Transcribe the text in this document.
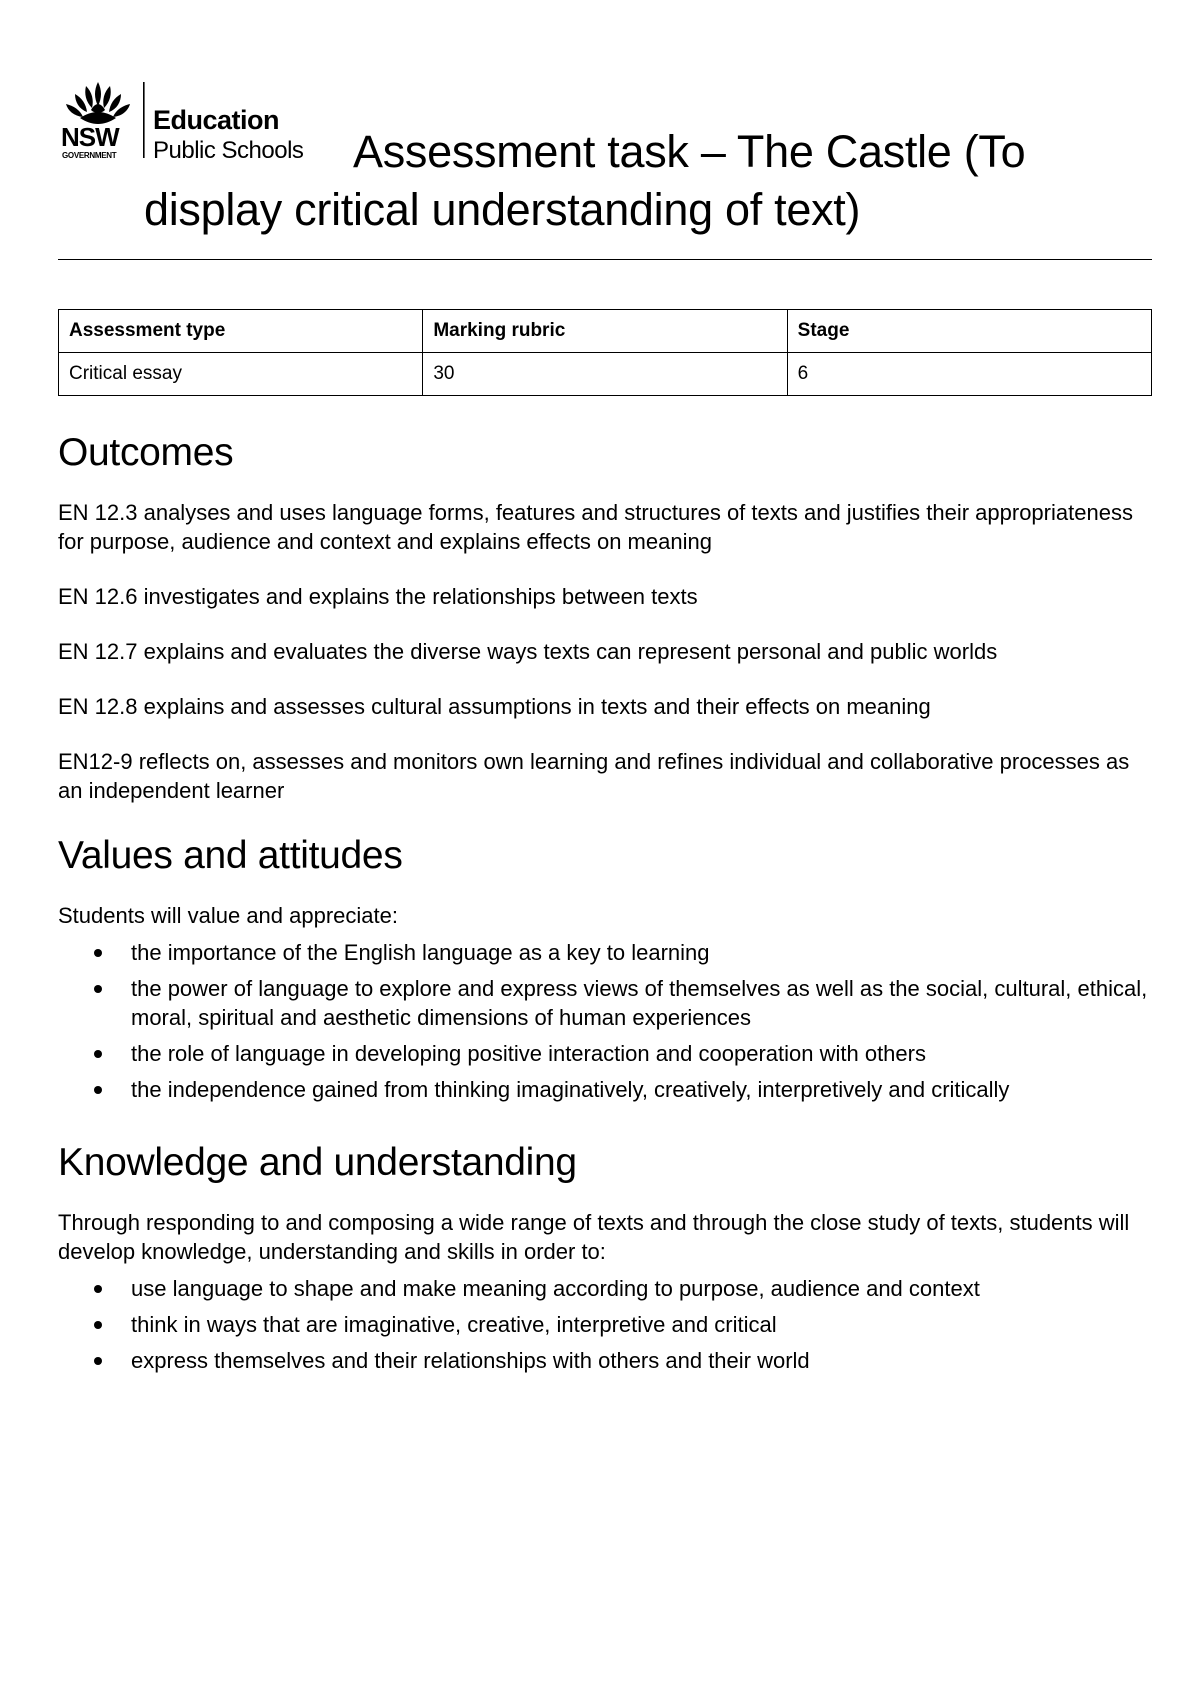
NSW
GOVERNMENT
Education
Public Schools	Assessment task – The Castle (To display critical understanding of text)
Assessment type	Marking rubric	Stage
Critical essay	30	6
Outcomes

EN 12.3 analyses and uses language forms, features and structures of texts and justifies their appropriateness for purpose, audience and context and explains effects on meaning

EN 12.6 investigates and explains the relationships between texts

EN 12.7 explains and evaluates the diverse ways texts can represent personal and public worlds

EN 12.8 explains and assesses cultural assumptions in texts and their effects on meaning

EN12-9 reflects on, assesses and monitors own learning and refines individual and collaborative processes as an independent learner

Values and attitudes

Students will value and appreciate:

the importance of the English language as a key to learning
the power of language to explore and express views of themselves as well as the social, cultural, ethical, moral, spiritual and aesthetic dimensions of human experiences
the role of language in developing positive interaction and cooperation with others
the independence gained from thinking imaginatively, creatively, interpretively and critically
Knowledge and understanding

Through responding to and composing a wide range of texts and through the close study of texts, students will develop knowledge, understanding and skills in order to:

use language to shape and make meaning according to purpose, audience and context
think in ways that are imaginative, creative, interpretive and critical
express themselves and their relationships with others and their world
